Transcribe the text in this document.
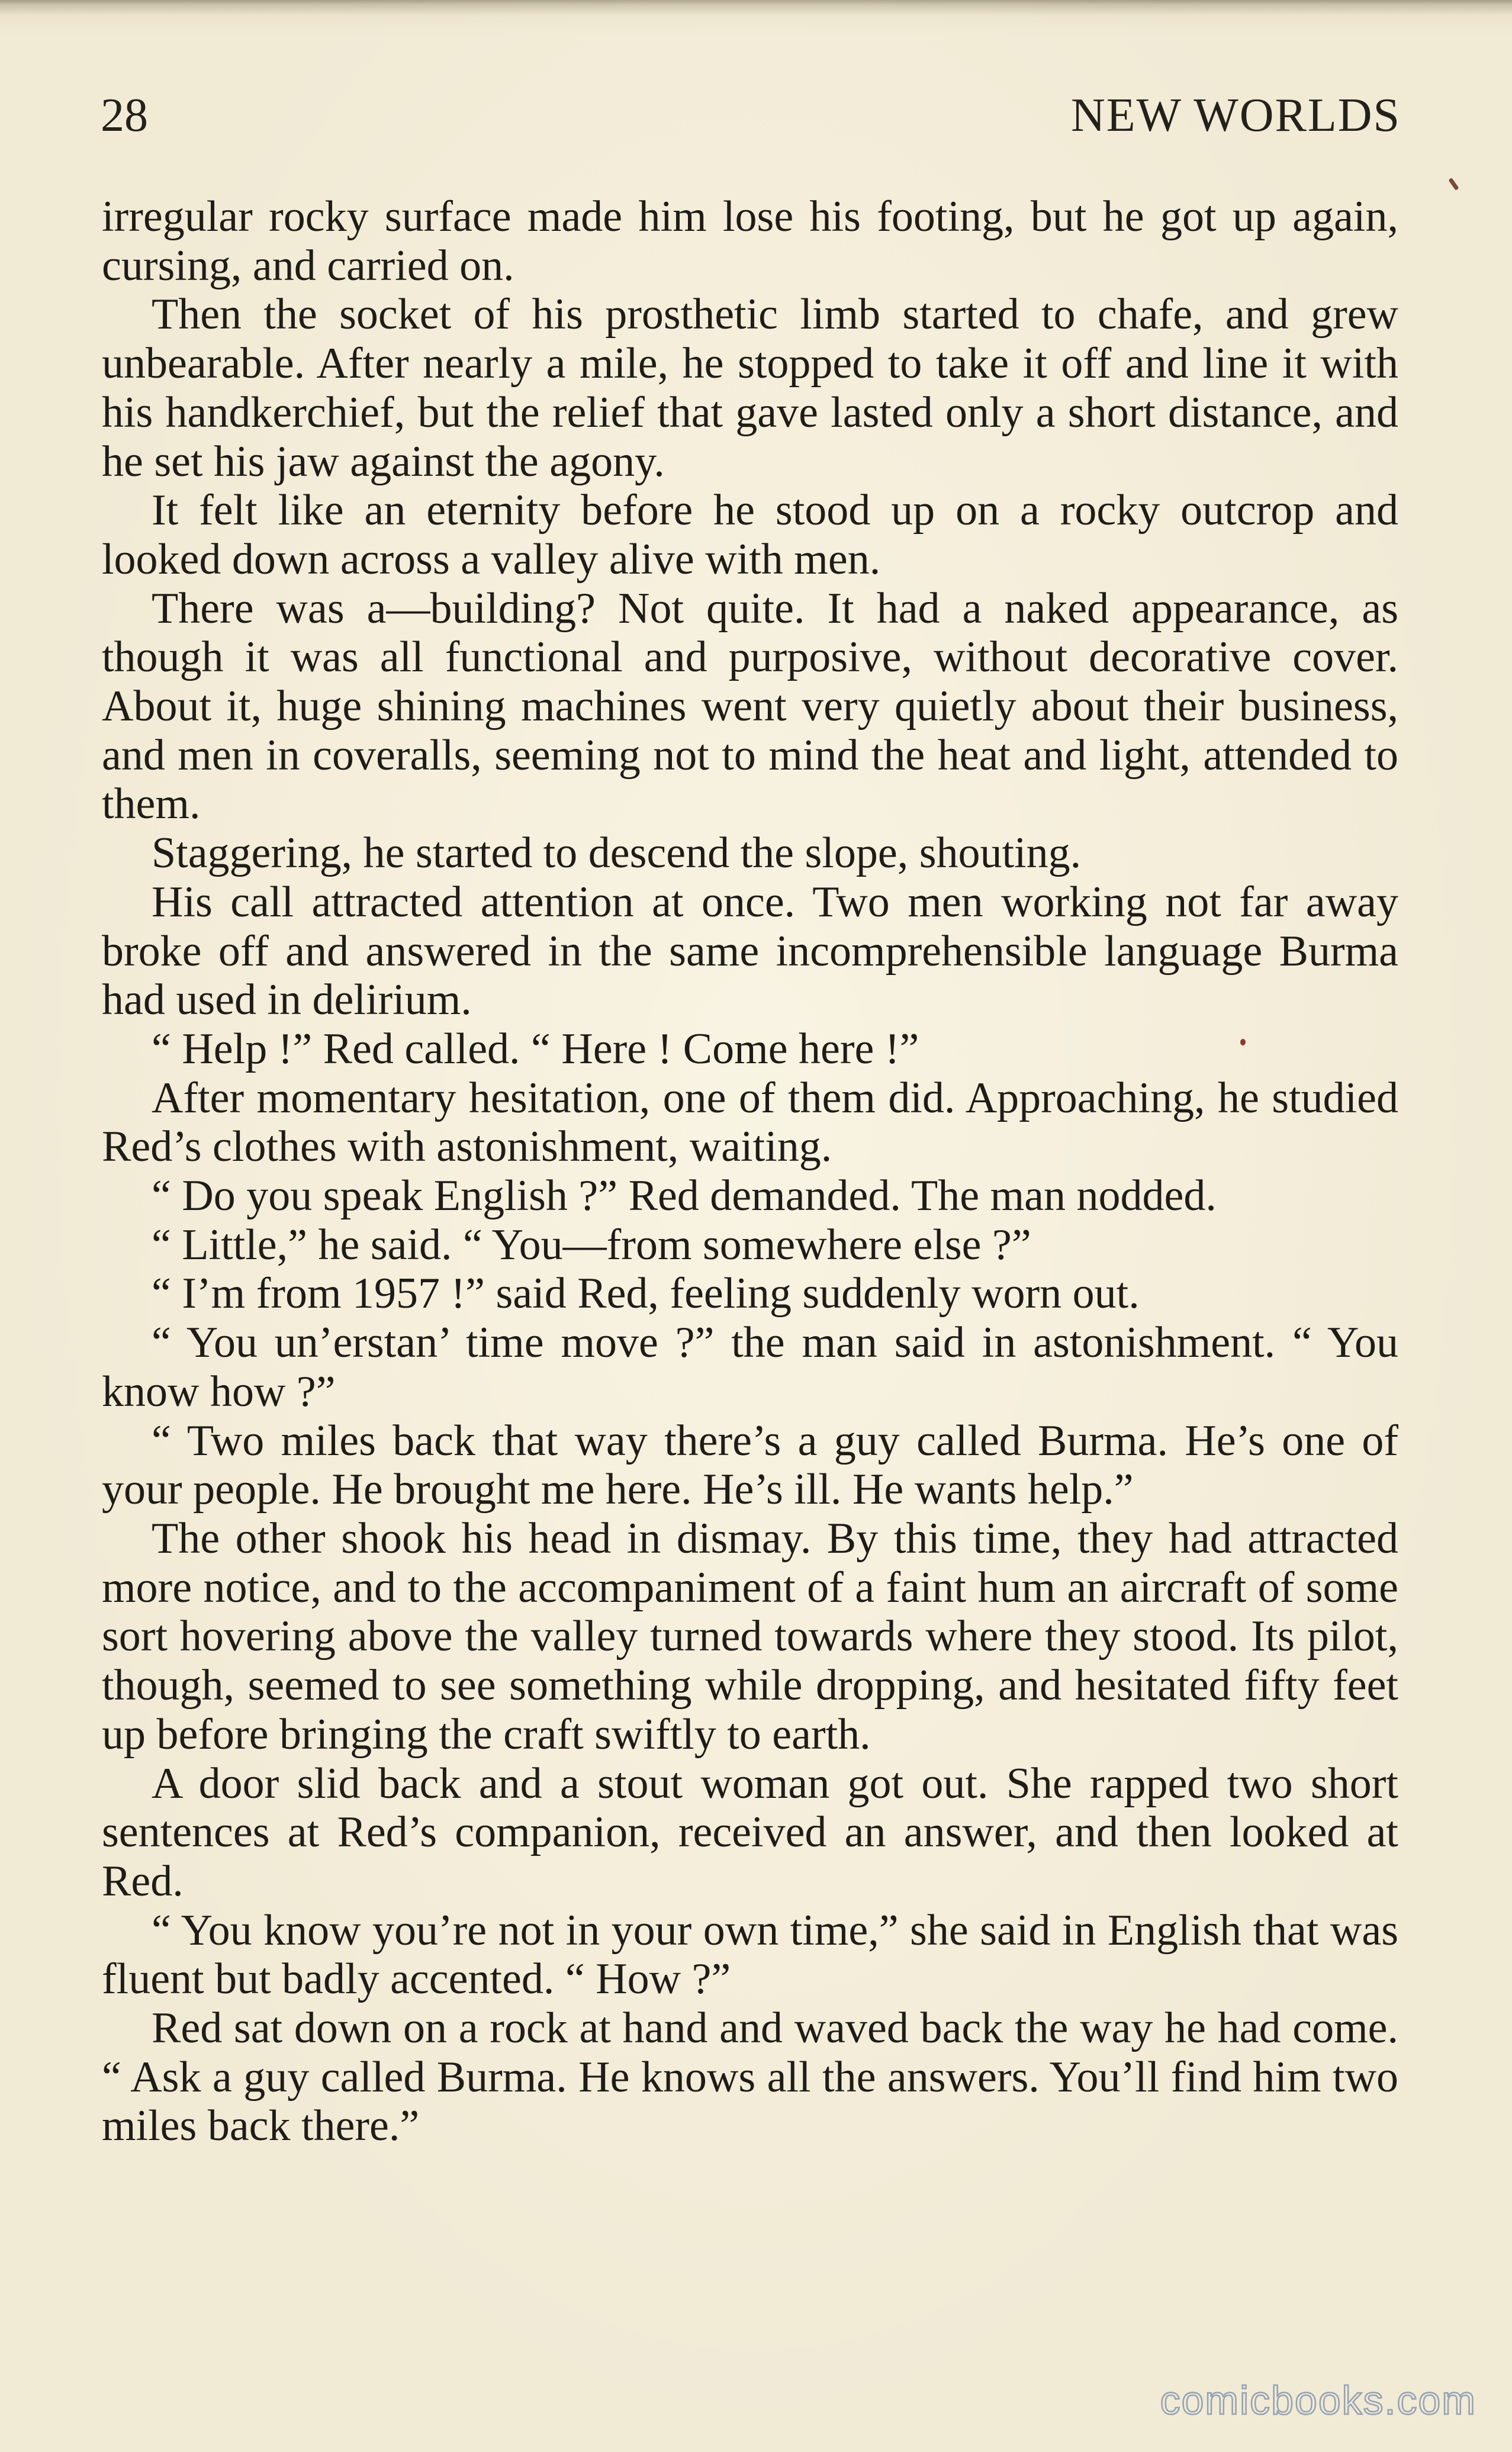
28	NEW WORLDS

irregular rocky surface made him lose his footing, but he got up again, cursing, and carried on.

Then the socket of his prosthetic limb started to chafe, and grew unbearable. After nearly a mile, he stopped to take it off and line it with his handkerchief, but the relief that gave lasted only a short distance, and he set his jaw against the agony.

It felt like an eternity before he stood up on a rocky outcrop and looked down across a valley alive with men.

There was a—building? Not quite. It had a naked appearance, as though it was all functional and purposive, without decorative cover. About it, huge shining machines went very quietly about their business, and men in coveralls, seeming not to mind the heat and light, attended to them.

Staggering, he started to descend the slope, shouting.

His call attracted attention at once. Two men working not far away broke off and answered in the same incomprehensible language Burma had used in delirium.

“ Help !” Red called. “ Here ! Come here !”

After momentary hesitation, one of them did. Approaching, he studied Red’s clothes with astonishment, waiting.

“ Do you speak English ?” Red demanded. The man nodded.

“ Little,” he said. “ You—from somewhere else ?”

“ I’m from 1957 !” said Red, feeling suddenly worn out.

“ You un’erstan’ time move ?” the man said in astonishment. “ You know how ?”

“ Two miles back that way there’s a guy called Burma. He’s one of your people. He brought me here. He’s ill. He wants help.”

The other shook his head in dismay. By this time, they had attracted more notice, and to the accompaniment of a faint hum an aircraft of some sort hovering above the valley turned towards where they stood. Its pilot, though, seemed to see something while dropping, and hesitated fifty feet up before bringing the craft swiftly to earth.

A door slid back and a stout woman got out. She rapped two short sentences at Red’s companion, received an answer, and then looked at Red.

“ You know you’re not in your own time,” she said in English that was fluent but badly accented. “ How ?”

Red sat down on a rock at hand and waved back the way he had come. “ Ask a guy called Burma. He knows all the answers. You’ll find him two miles back there.”

comicbooks.com
